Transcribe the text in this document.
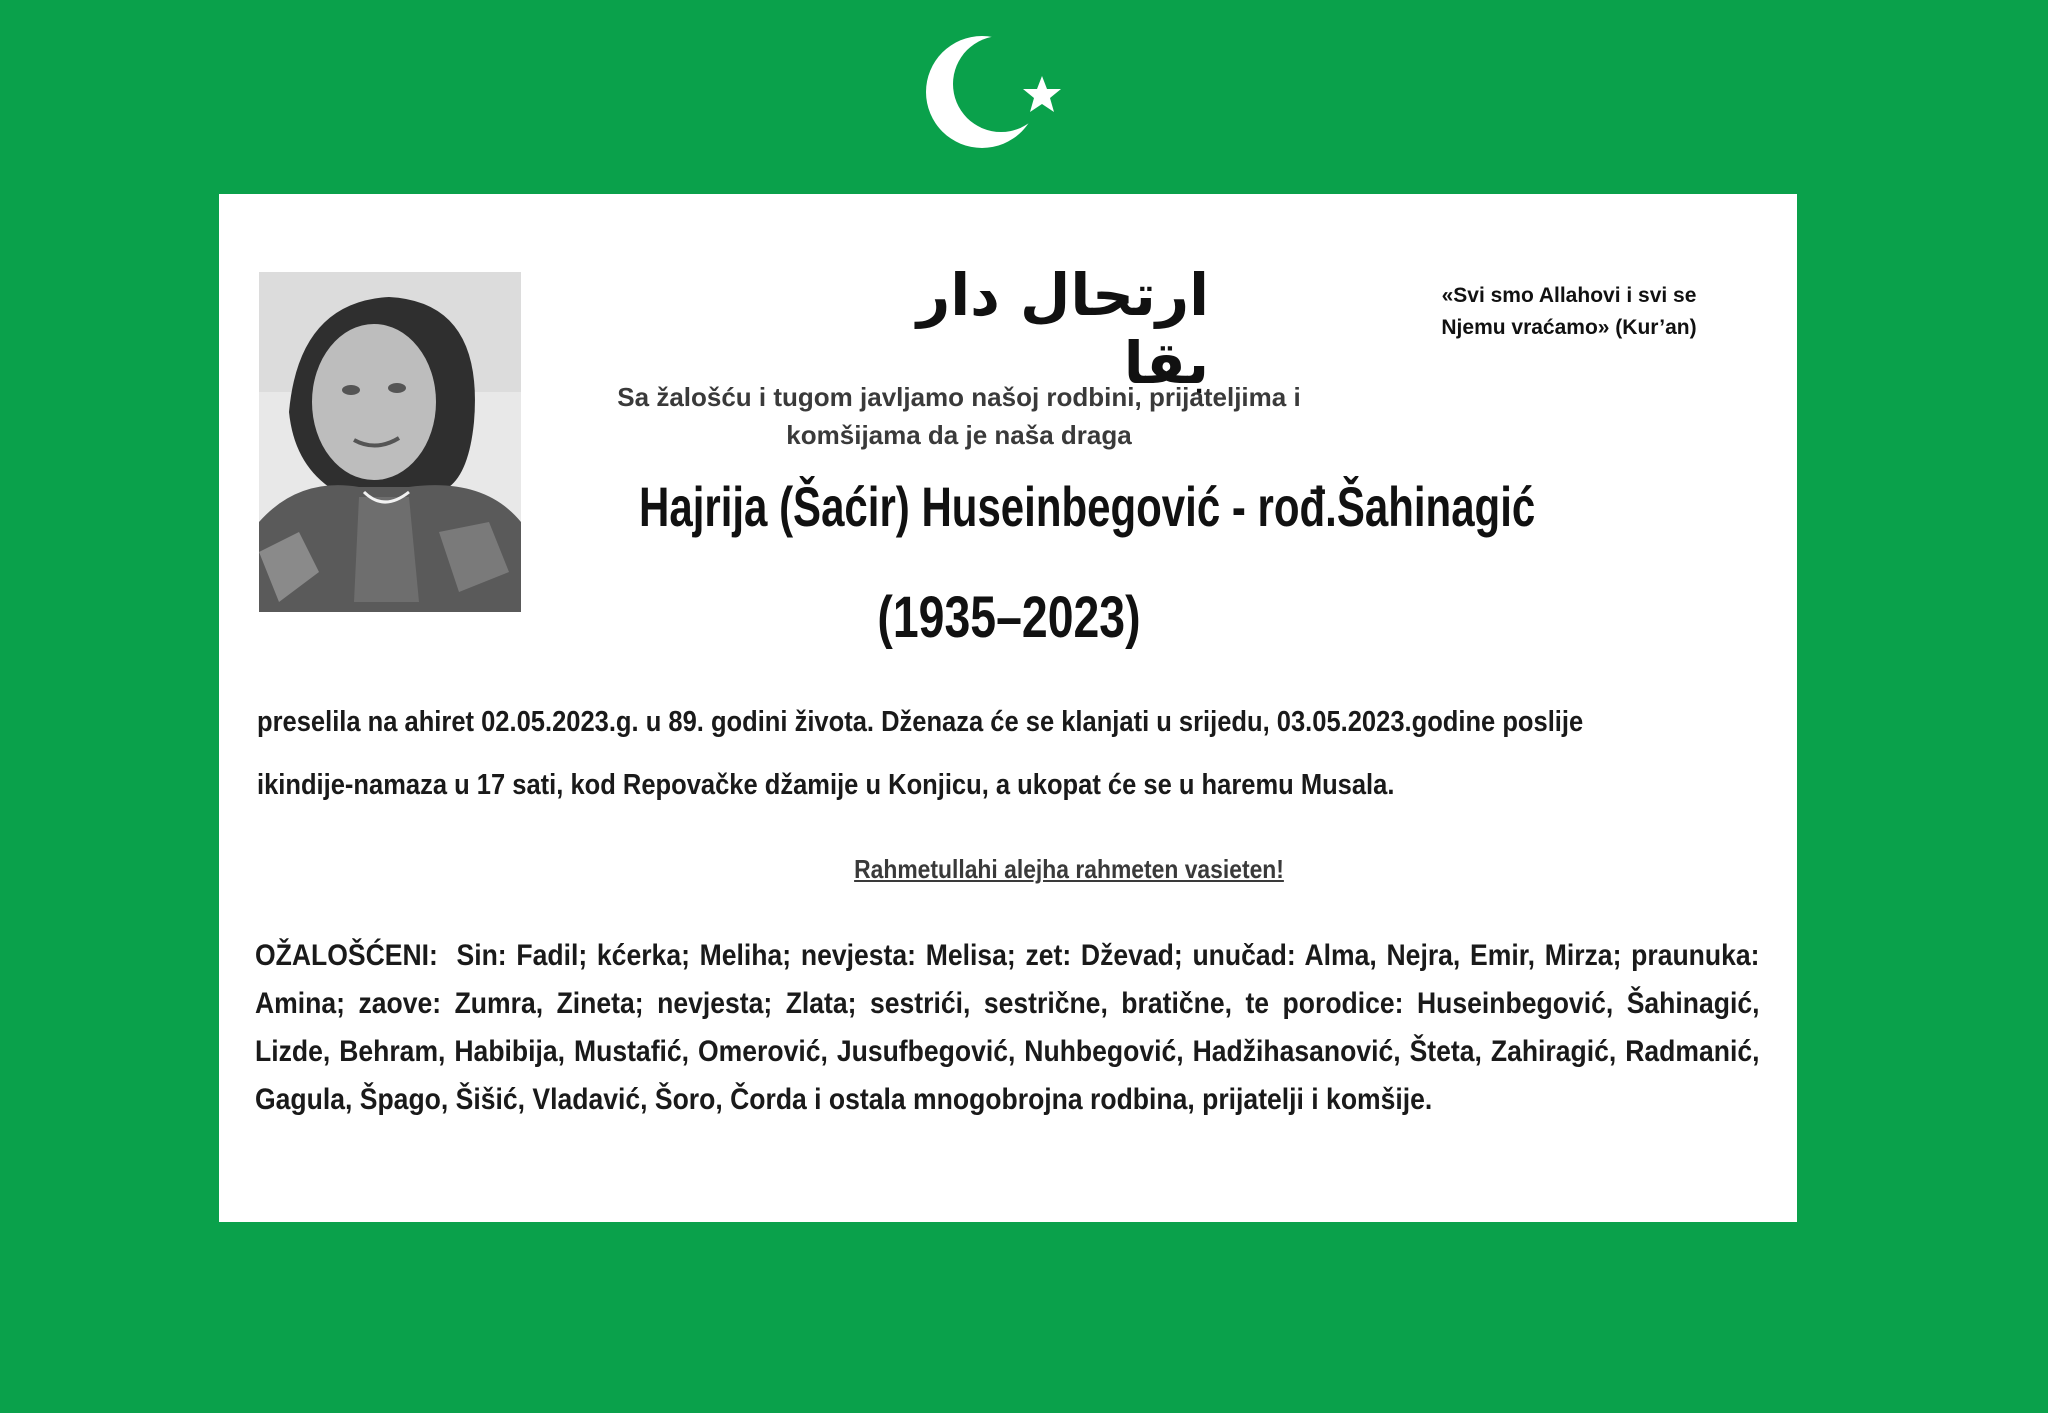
ارتحال دار بقا
«Svi smo Allahovi i svi se
Njemu vraćamo» (Kur’an)
Sa žalošću i tugom javljamo našoj rodbini, prijateljima i komšijama da je naša draga
Hajrija (Šaćir) Huseinbegović - rođ.Šahinagić
(1935–2023)
preselila na ahiret 02.05.2023.g. u 89. godini života. Dženaza će se klanjati u srijedu, 03.05.2023.godine poslije ikindije-namaza u 17 sati, kod Repovačke džamije u Konjicu, a ukopat će se u haremu Musala.
Rahmetullahi alejha rahmeten vasieten!
OŽALOŠĆENI: Sin: Fadil; kćerka; Meliha; nevjesta: Melisa; zet: Dževad; unučad: Alma, Nejra, Emir, Mirza; praunuka: Amina; zaove: Zumra, Zineta; nevjesta; Zlata; sestrići, sestrične, bratične, te porodice: Huseinbegović, Šahinagić, Lizde, Behram, Habibija, Mustafić, Omerović, Jusufbegović, Nuhbegović, Hadžihasanović, Šteta, Zahiragić, Radmanić, Gagula, Špago, Šišić, Vladavić, Šoro, Čorda i ostala mnogobrojna rodbina, prijatelji i komšije.
